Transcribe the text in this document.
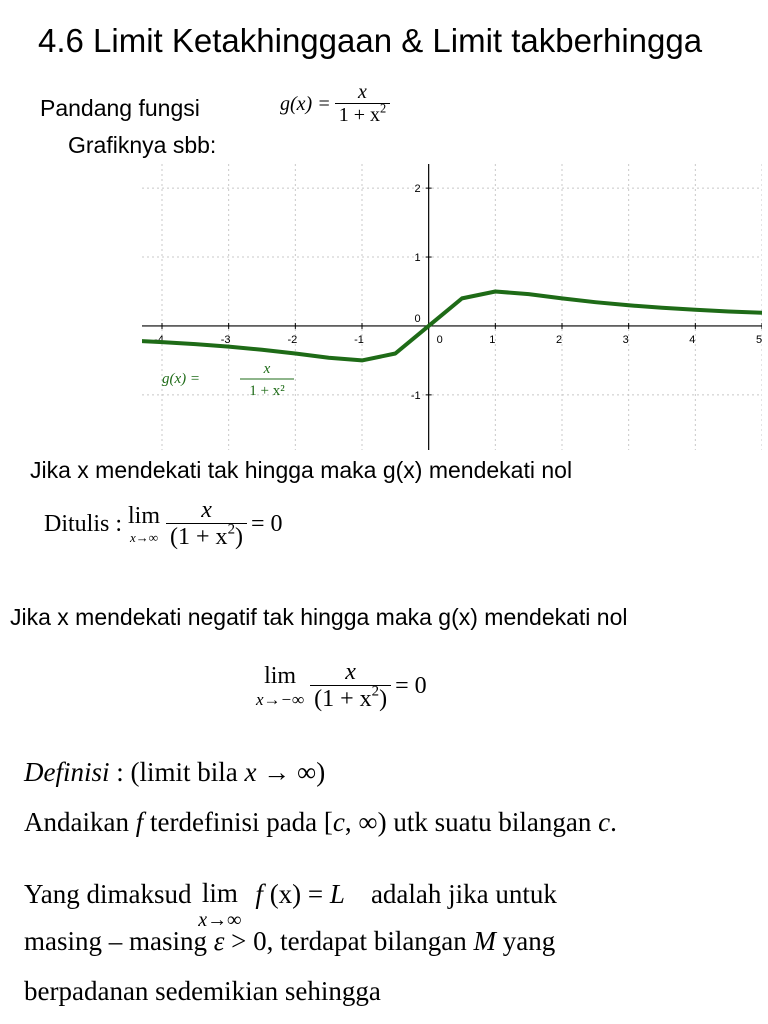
4.6 Limit Ketakhinggaan & Limit takberhingga
Pandang fungsi
Grafiknya sbb:
$g(x) = \frac{x}{1 + x^2}$
-4	-3	-2	-1	0	1	2	3	4	5
-1
0
1
2
g(x) =
x
1 + x²
Jika x mendekati tak hingga maka g(x) mendekati nol
Ditulis : lim
$x\to\infty \frac{x}{(1 + x^2)} = 0$
Jika x mendekati negatif tak hingga maka g(x) mendekati nol
lim
$x\to-\infty \frac{x}{(1 + x^2)} = 0$
Definisi : (limit bila x → ∞)
Andaikan f terdefinisi pada [c, ∞) utk suatu bilangan c.
Yang dimaksud lim
x→∞
f (x) = L adalah jika untuk
masing – masing ε > 0, terdapat bilangan M yang
berpadanan sedemikian sehingga
